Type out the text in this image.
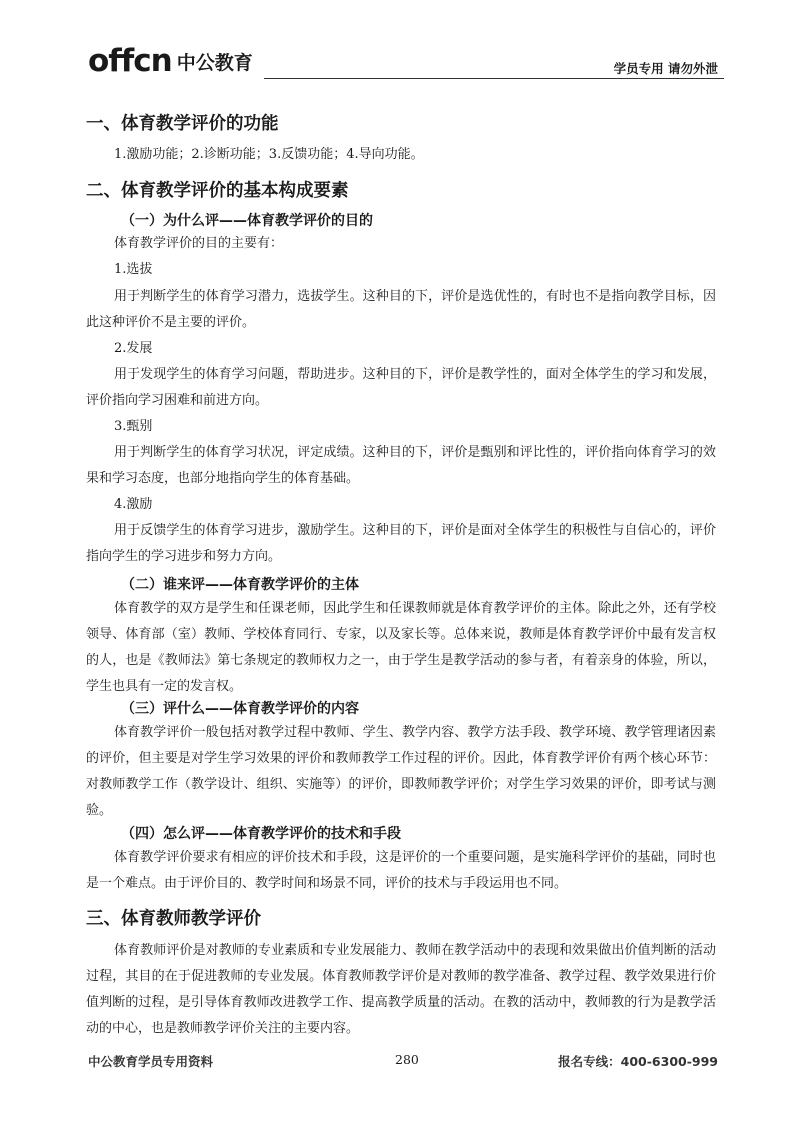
offcn 中公教育	学员专用 请勿外泄
一、体育教学评价的功能

1.激励功能；2.诊断功能；3.反馈功能；4.导向功能。

二、体育教学评价的基本构成要素
（一）为什么评——体育教学评价的目的

体育教学评价的目的主要有：

1.选拔

用于判断学生的体育学习潜力，选拔学生。这种目的下，评价是选优性的，有时也不是指向教学目标，因此这种评价不是主要的评价。

2.发展

用于发现学生的体育学习问题，帮助进步。这种目的下，评价是教学性的，面对全体学生的学习和发展，评价指向学习困难和前进方向。

3.甄别

用于判断学生的体育学习状况，评定成绩。这种目的下，评价是甄别和评比性的，评价指向体育学习的效果和学习态度，也部分地指向学生的体育基础。

4.激励

用于反馈学生的体育学习进步，激励学生。这种目的下，评价是面对全体学生的积极性与自信心的，评价指向学生的学习进步和努力方向。

（二）谁来评——体育教学评价的主体

体育教学的双方是学生和任课老师，因此学生和任课教师就是体育教学评价的主体。除此之外，还有学校领导、体育部（室）教师、学校体育同行、专家，以及家长等。总体来说，教师是体育教学评价中最有发言权的人，也是《教师法》第七条规定的教师权力之一，由于学生是教学活动的参与者，有着亲身的体验，所以，学生也具有一定的发言权。

（三）评什么——体育教学评价的内容

体育教学评价一般包括对教学过程中教师、学生、教学内容、教学方法手段、教学环境、教学管理诸因素的评价，但主要是对学生学习效果的评价和教师教学工作过程的评价。因此，体育教学评价有两个核心环节：对教师教学工作（教学设计、组织、实施等）的评价，即教师教学评价；对学生学习效果的评价，即考试与测验。

（四）怎么评——体育教学评价的技术和手段

体育教学评价要求有相应的评价技术和手段，这是评价的一个重要问题，是实施科学评价的基础，同时也是一个难点。由于评价目的、教学时间和场景不同，评价的技术与手段运用也不同。

三、体育教师教学评价

体育教师评价是对教师的专业素质和专业发展能力、教师在教学活动中的表现和效果做出价值判断的活动过程，其目的在于促进教师的专业发展。体育教师教学评价是对教师的教学准备、教学过程、教学效果进行价值判断的过程，是引导体育教师改进教学工作、提高教学质量的活动。在教的活动中，教师教的行为是教学活动的中心，也是教师教学评价关注的主要内容。

中公教育学员专用资料	280	报名专线：400-6300-999
